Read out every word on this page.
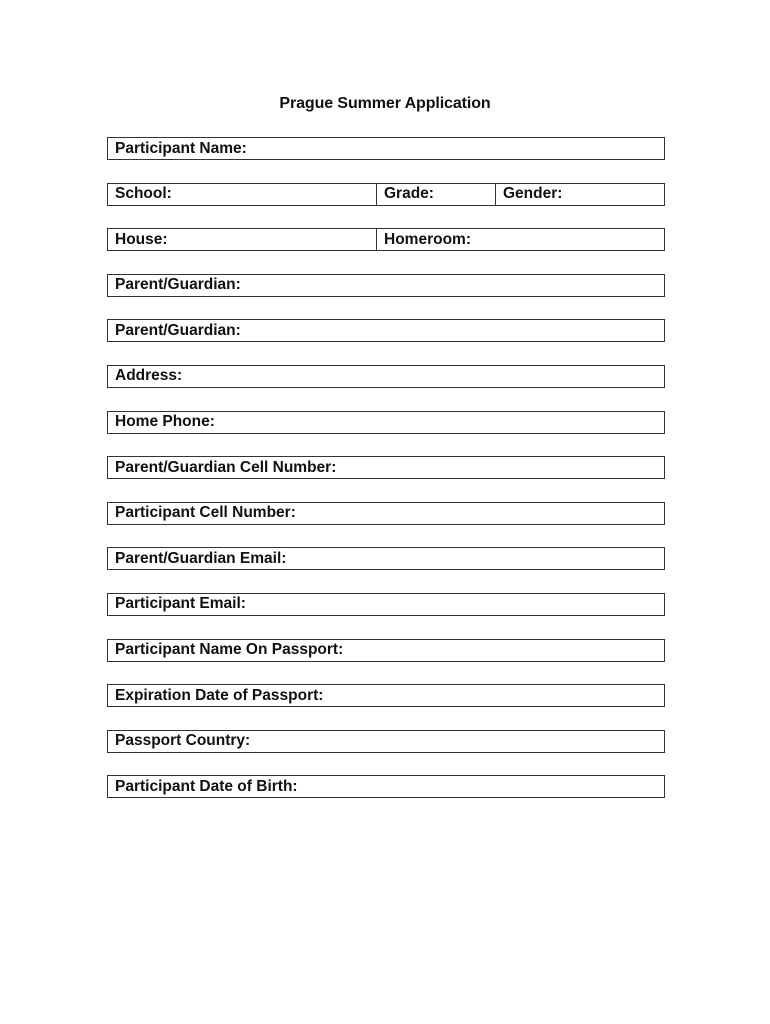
Prague Summer Application
Participant Name:
School:	Grade:	Gender:
House:	Homeroom:
Parent/Guardian:
Parent/Guardian:
Address:
Home Phone:
Parent/Guardian Cell Number:
Participant Cell Number:
Parent/Guardian Email:
Participant Email:
Participant Name On Passport:
Expiration Date of Passport:
Passport Country:
Participant Date of Birth:
